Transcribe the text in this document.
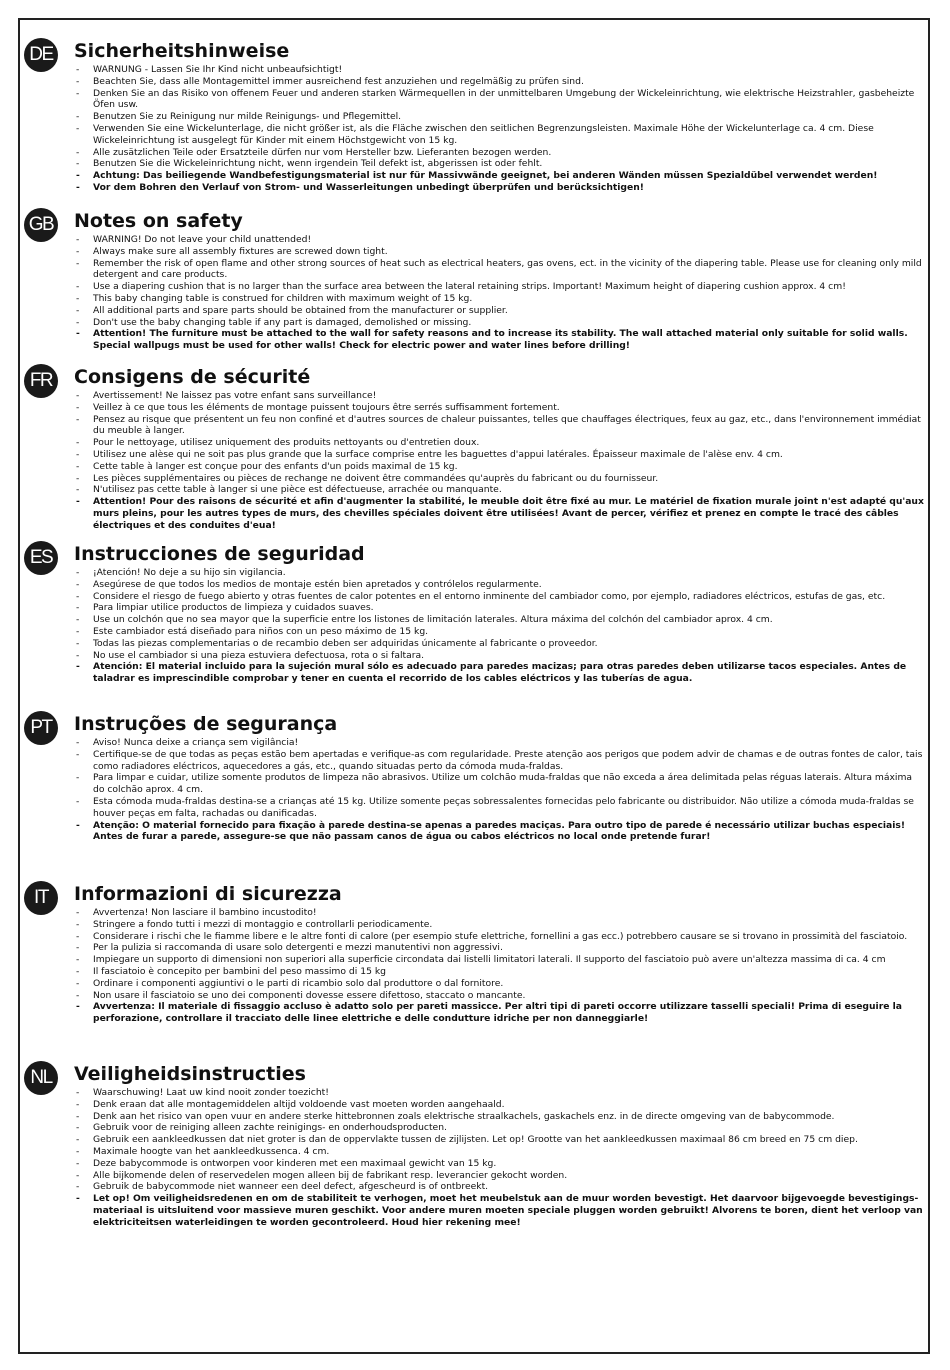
DE Sicherheitshinweise
- WARNUNG - Lassen Sie Ihr Kind nicht unbeaufsichtigt!
- Beachten Sie, dass alle Montagemittel immer ausreichend fest anzuziehen und regelmäßig zu prüfen sind.
- Denken Sie an das Risiko von offenem Feuer und anderen starken Wärmequellen in der unmittelbaren Umgebung der Wickeleinrichtung, wie elektrische Heizstrahler, gasbeheizte Öfen usw.
- Benutzen Sie zu Reinigung nur milde Reinigungs- und Pflegemittel.
- Verwenden Sie eine Wickelunterlage, die nicht größer ist, als die Fläche zwischen den seitlichen Begrenzungsleisten. Maximale Höhe der Wickelunterlage ca. 4 cm. Diese Wickeleinrichtung ist ausgelegt für Kinder mit einem Höchstgewicht von 15 kg.
- Alle zusätzlichen Teile oder Ersatzteile dürfen nur vom Hersteller bzw. Lieferanten bezogen werden.
- Benutzen Sie die Wickeleinrichtung nicht, wenn irgendein Teil defekt ist, abgerissen ist oder fehlt.
- Achtung: Das beiliegende Wandbefestigungsmaterial ist nur für Massivwände geeignet, bei anderen Wänden müssen Spezialdübel verwendet werden!
- Vor dem Bohren den Verlauf von Strom- und Wasserleitungen unbedingt überprüfen und berücksichtigen!
GB Notes on safety
- WARNING! Do not leave your child unattended!
- Always make sure all assembly fixtures are screwed down tight.
- Remember the risk of open flame and other strong sources of heat such as electrical heaters, gas ovens, ect. in the vicinity of the diapering table. Please use for cleaning only mild detergent and care products.
- Use a diapering cushion that is no larger than the surface area between the lateral retaining strips. Important! Maximum height of diapering cushion approx. 4 cm!
- This baby changing table is construed for children with maximum weight of 15 kg.
- All additional parts and spare parts should be obtained from the manufacturer or supplier.
- Don't use the baby changing table if any part is damaged, demolished or missing.
- Attention! The furniture must be attached to the wall for safety reasons and to increase its stability. The wall attached material only suitable for solid walls. Special wallpugs must be used for other walls! Check for electric power and water lines before drilling!
FR	Consigens de sécurité
- Avertissement! Ne laissez pas votre enfant sans surveillance!
- Veillez à ce que tous les éléments de montage puissent toujours être serrés suffisamment fortement.
- Pensez au risque que présentent un feu non confiné et d'autres sources de chaleur puissantes, telles que chauffages électriques, feux au gaz, etc., dans l'environnement immédiat du meuble à langer.
- Pour le nettoyage, utilisez uniquement des produits nettoyants ou d'entretien doux.
- Utilisez une alèse qui ne soit pas plus grande que la surface comprise entre les baguettes d'appui latérales. Épaisseur maximale de l'alèse env. 4 cm.
- Cette table à langer est conçue pour des enfants d'un poids maximal de 15 kg.
- Les pièces supplémentaires ou pièces de rechange ne doivent être commandées qu'auprès du fabricant ou du fournisseur.
- N'utilisez pas cette table à langer si une pièce est défectueuse, arrachée ou manquante.
- Attention! Pour des raisons de sécurité et afin d'augmenter la stabilité, le meuble doit être fixé au mur. Le matériel de fixation murale joint n'est adapté qu'aux murs pleins, pour les autres types de murs, des chevilles spéciales doivent être utilisées! Avant de percer, vérifiez et prenez en compte le tracé des câbles électriques et des conduites d'eua!
ES	Instrucciones de seguridad
- ¡Atención! No deje a su hijo sin vigilancia.
- Asegúrese de que todos los medios de montaje estén bien apretados y contrólelos regularmente.
- Considere el riesgo de fuego abierto y otras fuentes de calor potentes en el entorno inminente del cambiador como, por ejemplo, radiadores eléctricos, estufas de gas, etc.
- Para limpiar utilice productos de limpieza y cuidados suaves.
- Use un colchón que no sea mayor que la superficie entre los listones de limitación laterales. Altura máxima del colchón del cambiador aprox. 4 cm.
- Este cambiador está diseñado para niños con un peso máximo de 15 kg.
- Todas las piezas complementarias o de recambio deben ser adquiridas únicamente al fabricante o proveedor.
- No use el cambiador si una pieza estuviera defectuosa, rota o si faltara.
- Atención: El material incluido para la sujeción mural sólo es adecuado para paredes macizas; para otras paredes deben utilizarse tacos especiales. Antes de taladrar es imprescindible comprobar y tener en cuenta el recorrido de los cables eléctricos y las tuberías de agua.
PT	Instruções de segurança
- Aviso! Nunca deixe a criança sem vigilância!
- Certifique-se de que todas as peças estão bem apertadas e verifique-as com regularidade. Preste atenção aos perigos que podem advir de chamas e de outras fontes de calor, tais como radiadores eléctricos, aquecedores a gás, etc., quando situadas perto da cómoda muda-fraldas.
- Para limpar e cuidar, utilize somente produtos de limpeza não abrasivos. Utilize um colchão muda-fraldas que não exceda a área delimitada pelas réguas laterais. Altura máxima do colchão aprox. 4 cm.
- Esta cómoda muda-fraldas destina-se a crianças até 15 kg. Utilize somente peças sobressalentes fornecidas pelo fabricante ou distribuidor. Não utilize a cómoda muda-fraldas se houver peças em falta, rachadas ou danificadas.
- Atenção: O material fornecido para fixação à parede destina-se apenas a paredes maciças. Para outro tipo de parede é necessário utilizar buchas especiais! Antes de furar a parede, assegure-se que não passam canos de água ou cabos eléctricos no local onde pretende furar!
IT	Informazioni di sicurezza
- Avvertenza! Non lasciare il bambino incustodito!
- Stringere a fondo tutti i mezzi di montaggio e controllarli periodicamente.
- Considerare i rischi che le fiamme libere e le altre fonti di calore (per esempio stufe elettriche, fornellini a gas ecc.) potrebbero causare se si trovano in prossimità del fasciatoio.
- Per la pulizia si raccomanda di usare solo detergenti e mezzi manutentivi non aggressivi.
- Impiegare un supporto di dimensioni non superiori alla superficie circondata dai listelli limitatori laterali. Il supporto del fasciatoio può avere un'altezza massima di ca. 4 cm
- Il fasciatoio è concepito per bambini del peso massimo di 15 kg
- Ordinare i componenti aggiuntivi o le parti di ricambio solo dal produttore o dal fornitore.
- Non usare il fasciatoio se uno dei componenti dovesse essere difettoso, staccato o mancante.
- Avvertenza: Il materiale di fissaggio accluso è adatto solo per pareti massicce. Per altri tipi di pareti occorre utilizzare tasselli speciali! Prima di eseguire la perforazione, controllare il tracciato delle linee elettriche e delle condutture idriche per non danneggiarle!
NL	Veiligheidsinstructies
- Waarschuwing! Laat uw kind nooit zonder toezicht!
- Denk eraan dat alle montagemiddelen altijd voldoende vast moeten worden aangehaald.
- Denk aan het risico van open vuur en andere sterke hittebronnen zoals elektrische straalkachels, gaskachels enz. in de directe omgeving van de babycommode.
- Gebruik voor de reiniging alleen zachte reinigings- en onderhoudsproducten.
- Gebruik een aankleedkussen dat niet groter is dan de oppervlakte tussen de zijlijsten. Let op! Grootte van het aankleedkussen maximaal 86 cm breed en 75 cm diep.
- Maximale hoogte van het aankleedkussenca. 4 cm.
- Deze babycommode is ontworpen voor kinderen met een maximaal gewicht van 15 kg.
- Alle bijkomende delen of reservedelen mogen alleen bij de fabrikant resp. leverancier gekocht worden.
- Gebruik de babycommode niet wanneer een deel defect, afgescheurd is of ontbreekt.
- Let op! Om veiligheidsredenen en om de stabiliteit te verhogen, moet het meubelstuk aan de muur worden bevestigt. Het daarvoor bijgevoegde bevestigings-materiaal is uitsluitend voor massieve muren geschikt. Voor andere muren moeten speciale pluggen worden gebruikt! Alvorens te boren, dient het verloop van elektriciteitsen waterleidingen te worden gecontroleerd. Houd hier rekening mee!
